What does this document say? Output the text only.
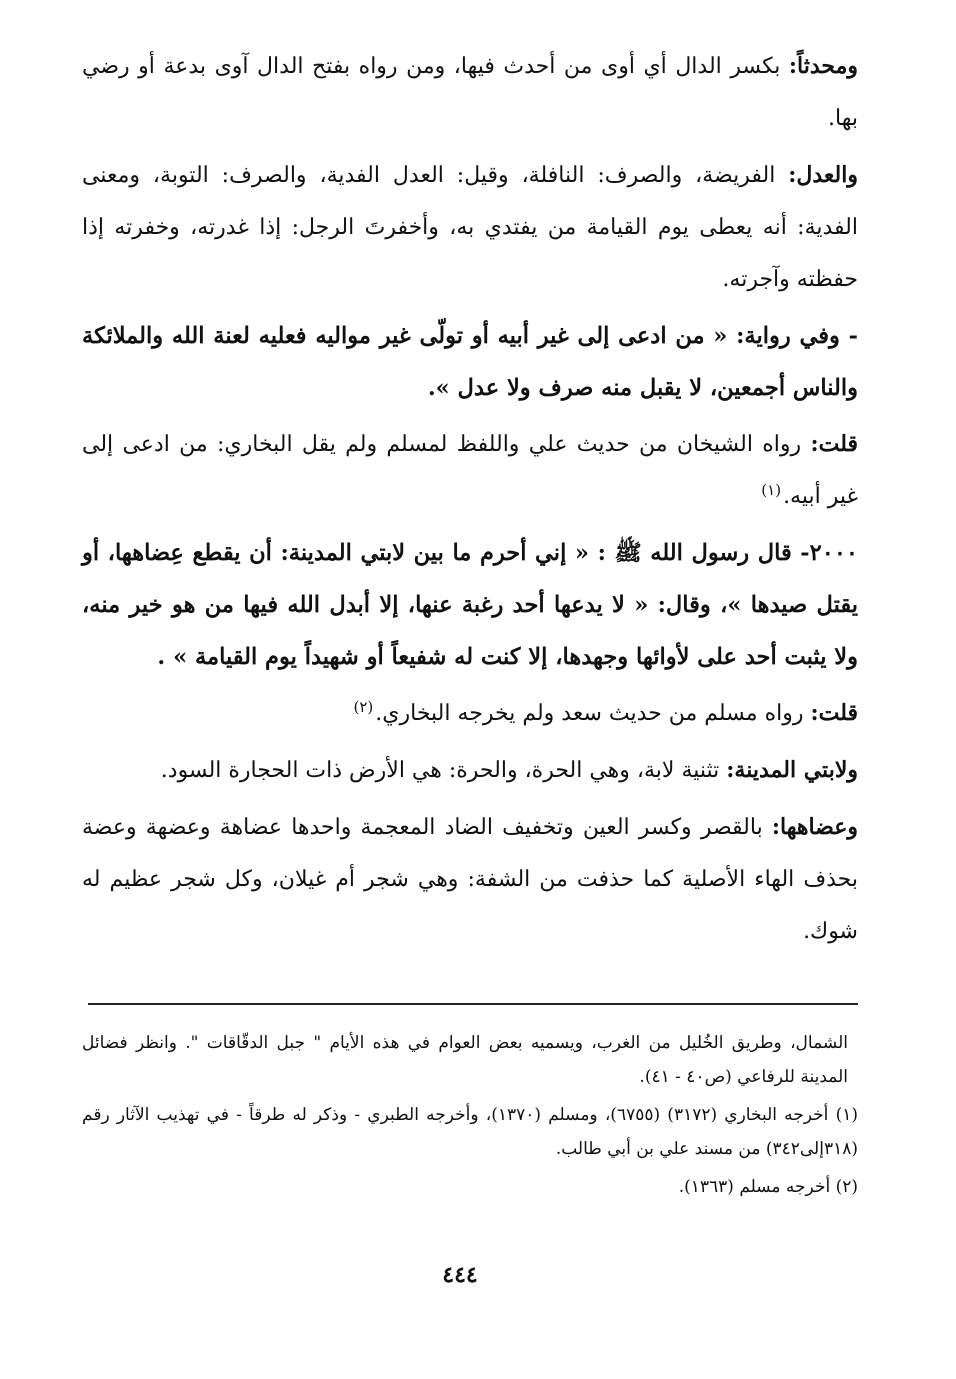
ومحدثاً: بكسر الدال أي أوى من أحدث فيها، ومن رواه بفتح الدال آوى بدعة أو رضي بها.

والعدل: الفريضة، والصرف: النافلة، وقيل: العدل الفدية، والصرف: التوبة، ومعنى الفدية: أنه يعطى يوم القيامة من يفتدي به، وأخفرتَ الرجل: إذا غدرته، وخفرته إذا حفظته وآجرته.

- وفي رواية: « من ادعى إلى غير أبيه أو تولّى غير مواليه فعليه لعنة الله والملائكة والناس أجمعين، لا يقبل منه صرف ولا عدل ».

قلت: رواه الشيخان من حديث علي واللفظ لمسلم ولم يقل البخاري: من ادعى إلى غير أبيه.$^{(١)}$

٢٠٠٠- قال رسول الله ﷺ : « إني أحرم ما بين لابتي المدينة: أن يقطع عِضاهها، أو يقتل صيدها »، وقال: « لا يدعها أحد رغبة عنها، إلا أبدل الله فيها من هو خير منه، ولا يثبت أحد على لأوائها وجهدها، إلا كنت له شفيعاً أو شهيداً يوم القيامة » .

قلت: رواه مسلم من حديث سعد ولم يخرجه البخاري.$^{(٢)}$

ولابتي المدينة: تثنية لابة، وهي الحرة، والحرة: هي الأرض ذات الحجارة السود.

وعضاهها: بالقصر وكسر العين وتخفيف الضاد المعجمة واحدها عضاهة وعضهة وعضة بحذف الهاء الأصلية كما حذفت من الشفة: وهي شجر أم غيلان، وكل شجر عظيم له شوك.

الشمال، وطريق الخُليل من الغرب، ويسميه بعض العوام في هذه الأيام " جبل الدقّاقات ". وانظر فضائل المدينة للرفاعي (ص٤٠ - ٤١).

(١) أخرجه البخاري (٣١٧٢) (٦٧٥٥)، ومسلم (١٣٧٠)، وأخرجه الطبري - وذكر له طرقاً - في تهذيب الآثار رقم (٣١٨إلى٣٤٢) من مسند علي بن أبي طالب.

(٢) أخرجه مسلم (١٣٦٣).

٤٤٤
